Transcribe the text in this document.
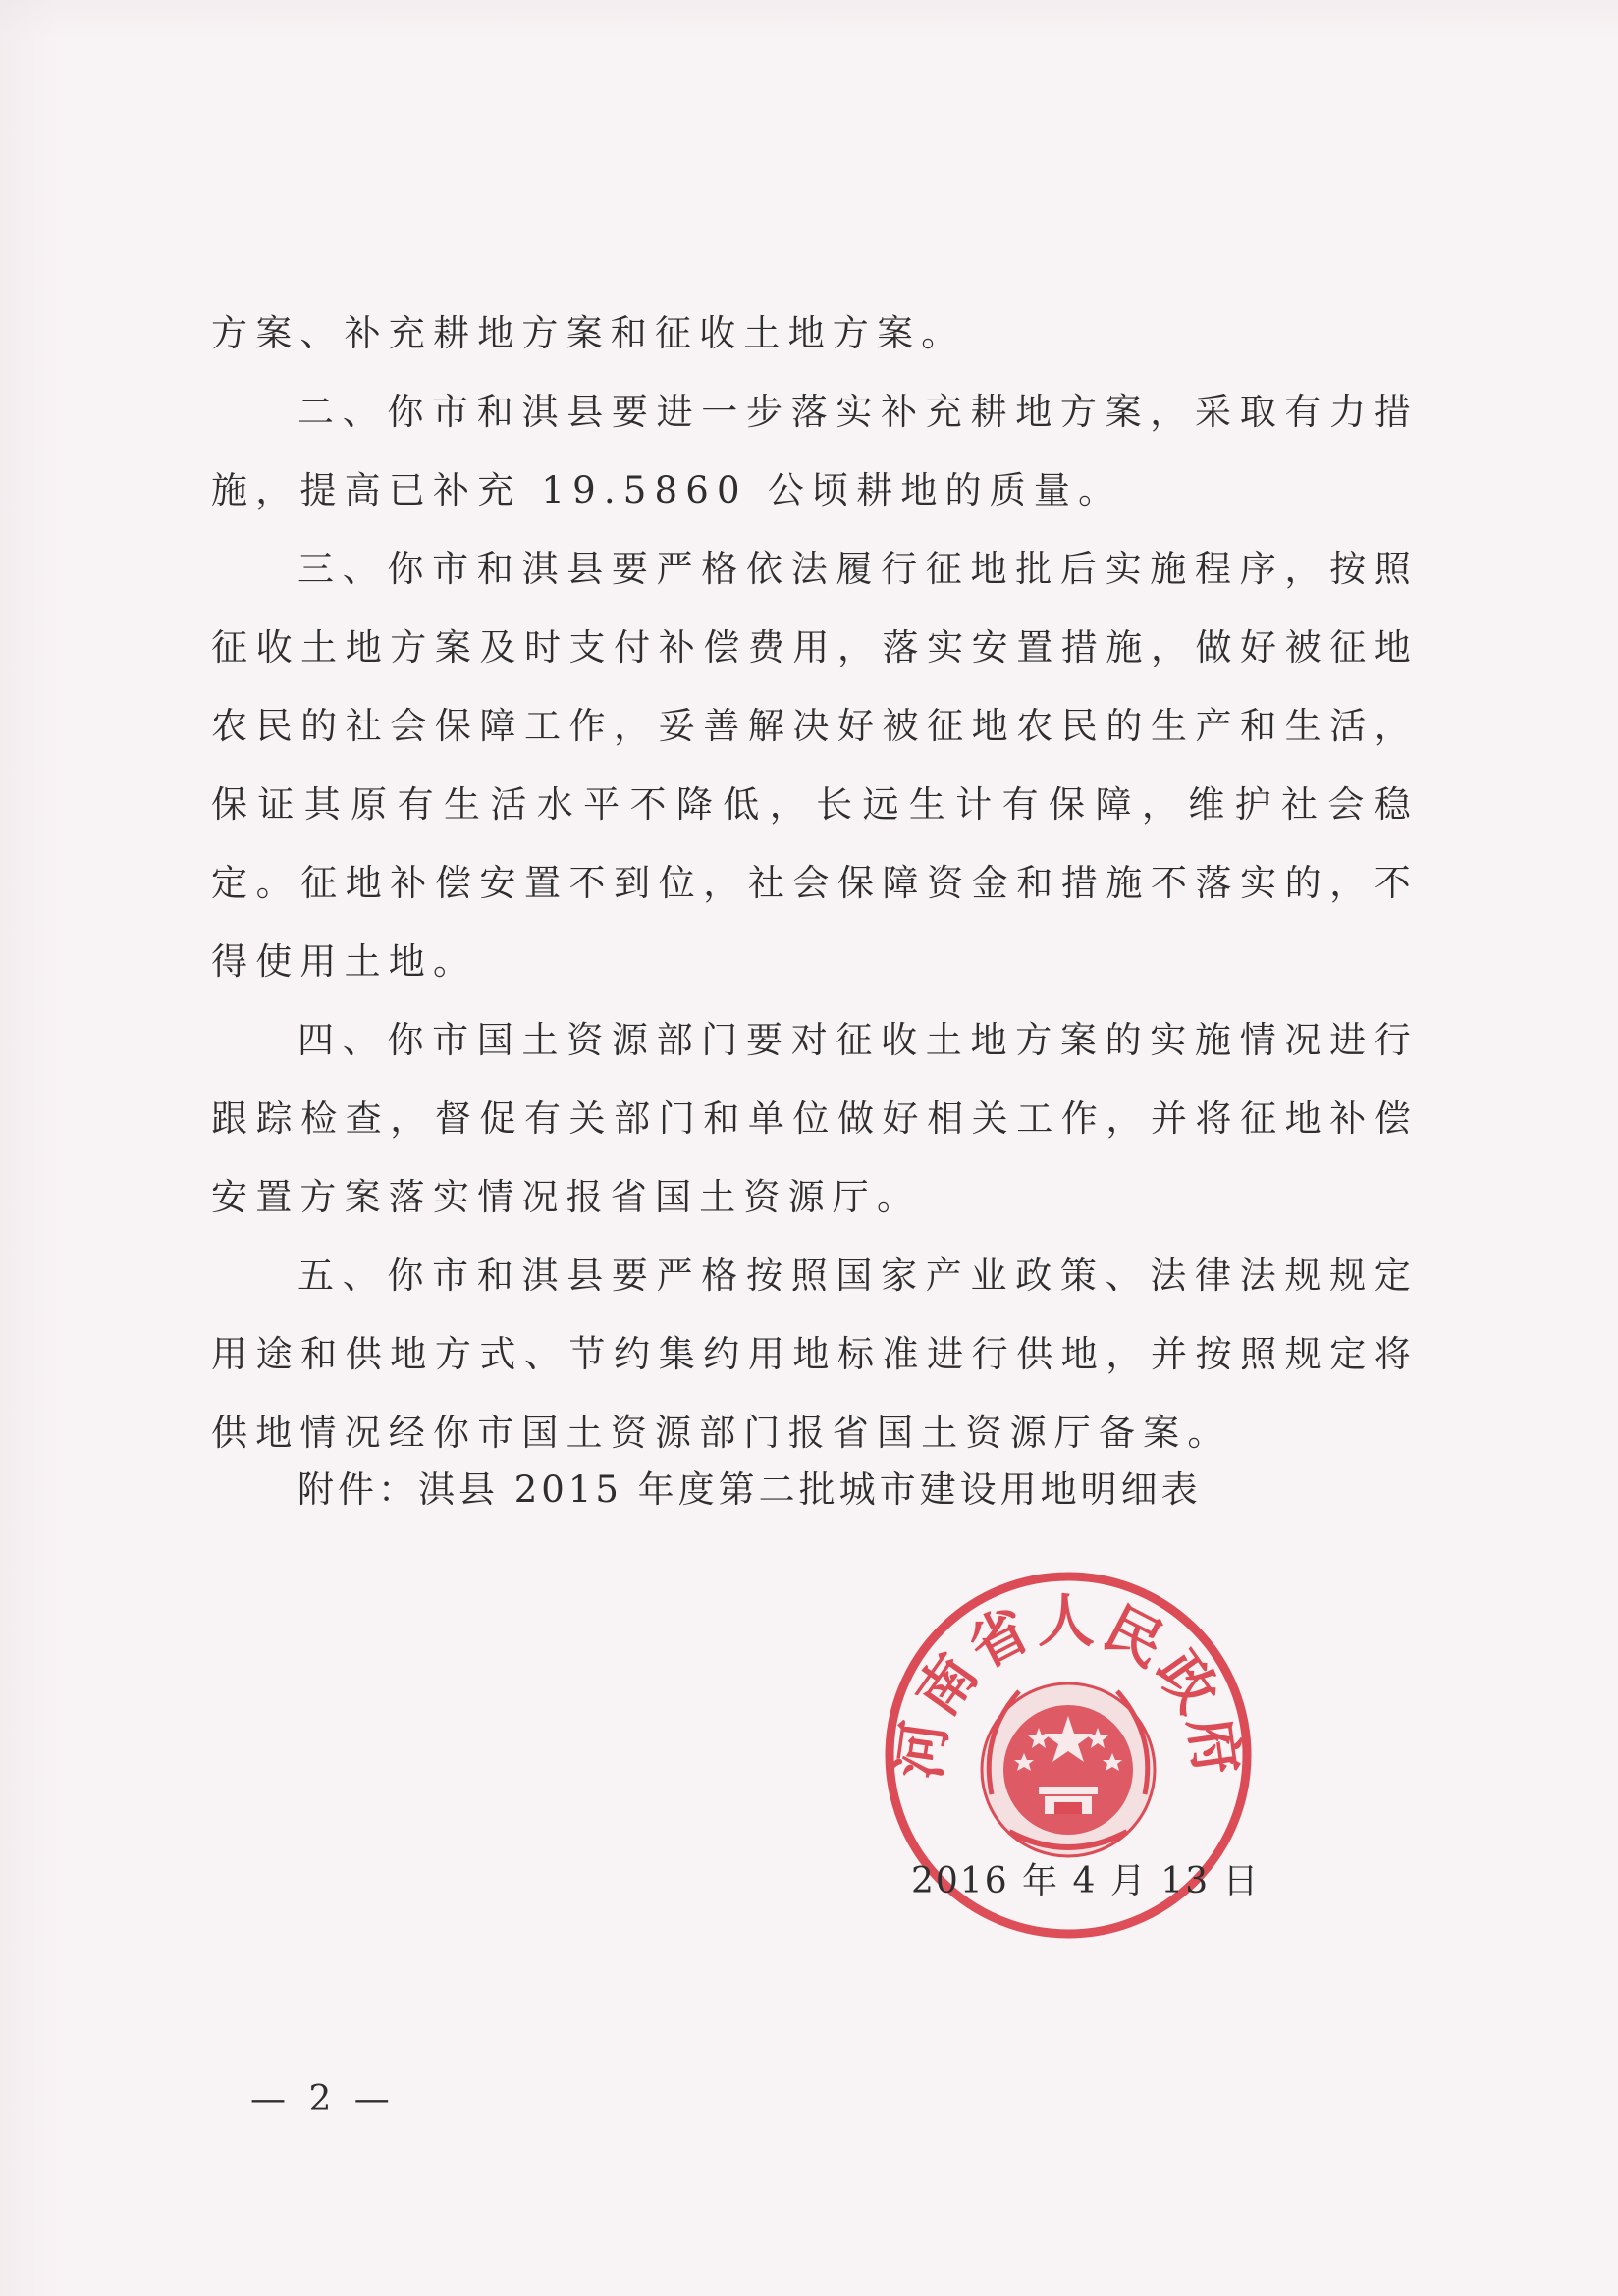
方案、补充耕地方案和征收土地方案。

二、你市和淇县要进一步落实补充耕地方案，采取有力措施，提高已补充 19.5860 公顷耕地的质量。

三、你市和淇县要严格依法履行征地批后实施程序，按照征收土地方案及时支付补偿费用，落实安置措施，做好被征地农民的社会保障工作，妥善解决好被征地农民的生产和生活，保证其原有生活水平不降低，长远生计有保障，维护社会稳定。征地补偿安置不到位，社会保障资金和措施不落实的，不得使用土地。

四、你市国土资源部门要对征收土地方案的实施情况进行跟踪检查，督促有关部门和单位做好相关工作，并将征地补偿安置方案落实情况报省国土资源厅。

五、你市和淇县要严格按照国家产业政策、法律法规规定用途和供地方式、节约集约用地标准进行供地，并按照规定将供地情况经你市国土资源部门报省国土资源厅备案。

附件：淇县 2015 年度第二批城市建设用地明细表
河南省人民政府
2016 年 4 月 13 日
— 2 —
